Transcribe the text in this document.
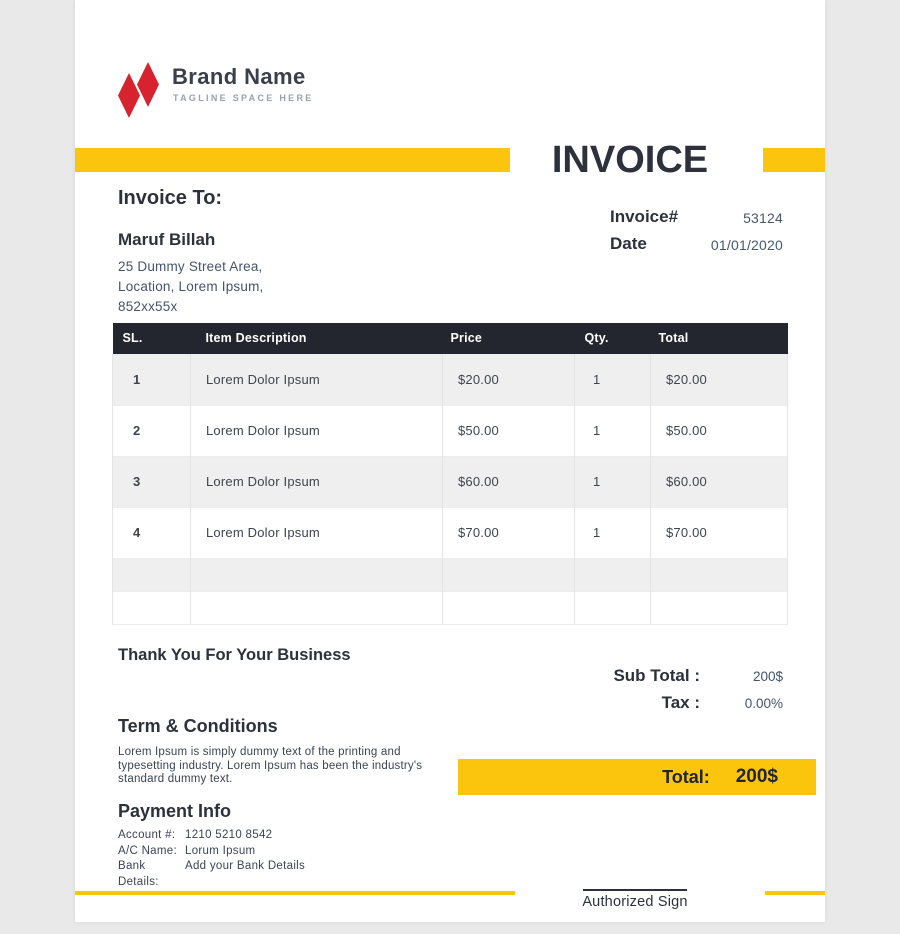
Brand Name
TAGLINE SPACE HERE
INVOICE
Invoice To:
Maruf Billah
25 Dummy Street Area,
Location, Lorem Ipsum,
852xx55x
Invoice#	53124
Date	01/01/2020
SL.	Item Description	Price	Qty.	Total
1	Lorem Dolor Ipsum	$20.00	1	$20.00
2	Lorem Dolor Ipsum	$50.00	1	$50.00
3	Lorem Dolor Ipsum	$60.00	1	$60.00
4	Lorem Dolor Ipsum	$70.00	1	$70.00

Thank You For Your Business
Sub Total :	200$
Tax :	0.00%
Term & Conditions
Lorem Ipsum is simply dummy text of the printing and
typesetting industry. Lorem Ipsum has been the industry's
standard dummy text.	Total: 200$
Payment Info
Account #: 1210 5210 8542
A/C Name: Lorum Ipsum
Bank Details:
Add your Bank Details
Authorized Sign
